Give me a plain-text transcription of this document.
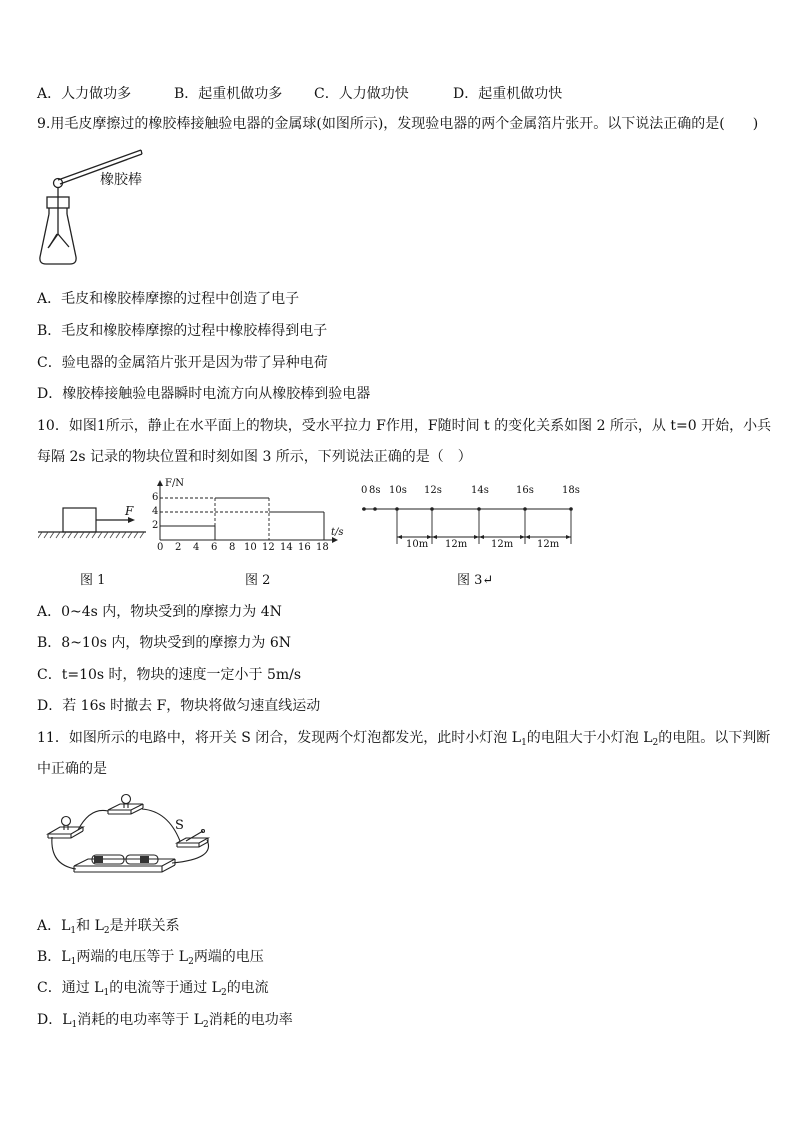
A．人力做功多	B．起重机做功多 C．人力做功快	D．起重机做功快
9.用毛皮摩擦过的橡胶棒接触验电器的金属球(如图所示)，发现验电器的两个金属箔片张开。以下说法正确的是(　　)
橡胶棒
A．毛皮和橡胶棒摩擦的过程中创造了电子
B．毛皮和橡胶棒摩擦的过程中橡胶棒得到电子
C．验电器的金属箔片张开是因为带了异种电荷
D．橡胶棒接触验电器瞬时电流方向从橡胶棒到验电器
10．如图1所示，静止在水平面上的物块，受水平拉力 F作用，F随时间 t 的变化关系如图 2 所示，从 t=0 开始，小兵
每隔 2s 记录的物块位置和时刻如图 3 所示，下列说法正确的是（　）
F
F/N
t/s
6
4
2
0 2 4 6 8 10 12 14 16 18
0 8s 10s 12s	14s	16s	18s
10m 12m 12m 12m
图 1	图 2	图 3↵
A．0~4s 内，物块受到的摩擦力为 4N
B．8~10s 内，物块受到的摩擦力为 6N
C．t=10s 时，物块的速度一定小于 5m/s
D．若 16s 时撤去 F，物块将做匀速直线运动
11．如图所示的电路中，将开关 S 闭合，发现两个灯泡都发光，此时小灯泡 $L_1$的电阻大于小灯泡 $L_2$的电阻。以下判断
中正确的是
S
A．$L_1$和 $L_2$是并联关系
B．$L_1$两端的电压等于 $L_2$两端的电压
C．通过 $L_1$的电流等于通过 $L_2$的电流
D．$L_1$消耗的电功率等于 $L_2$消耗的电功率
